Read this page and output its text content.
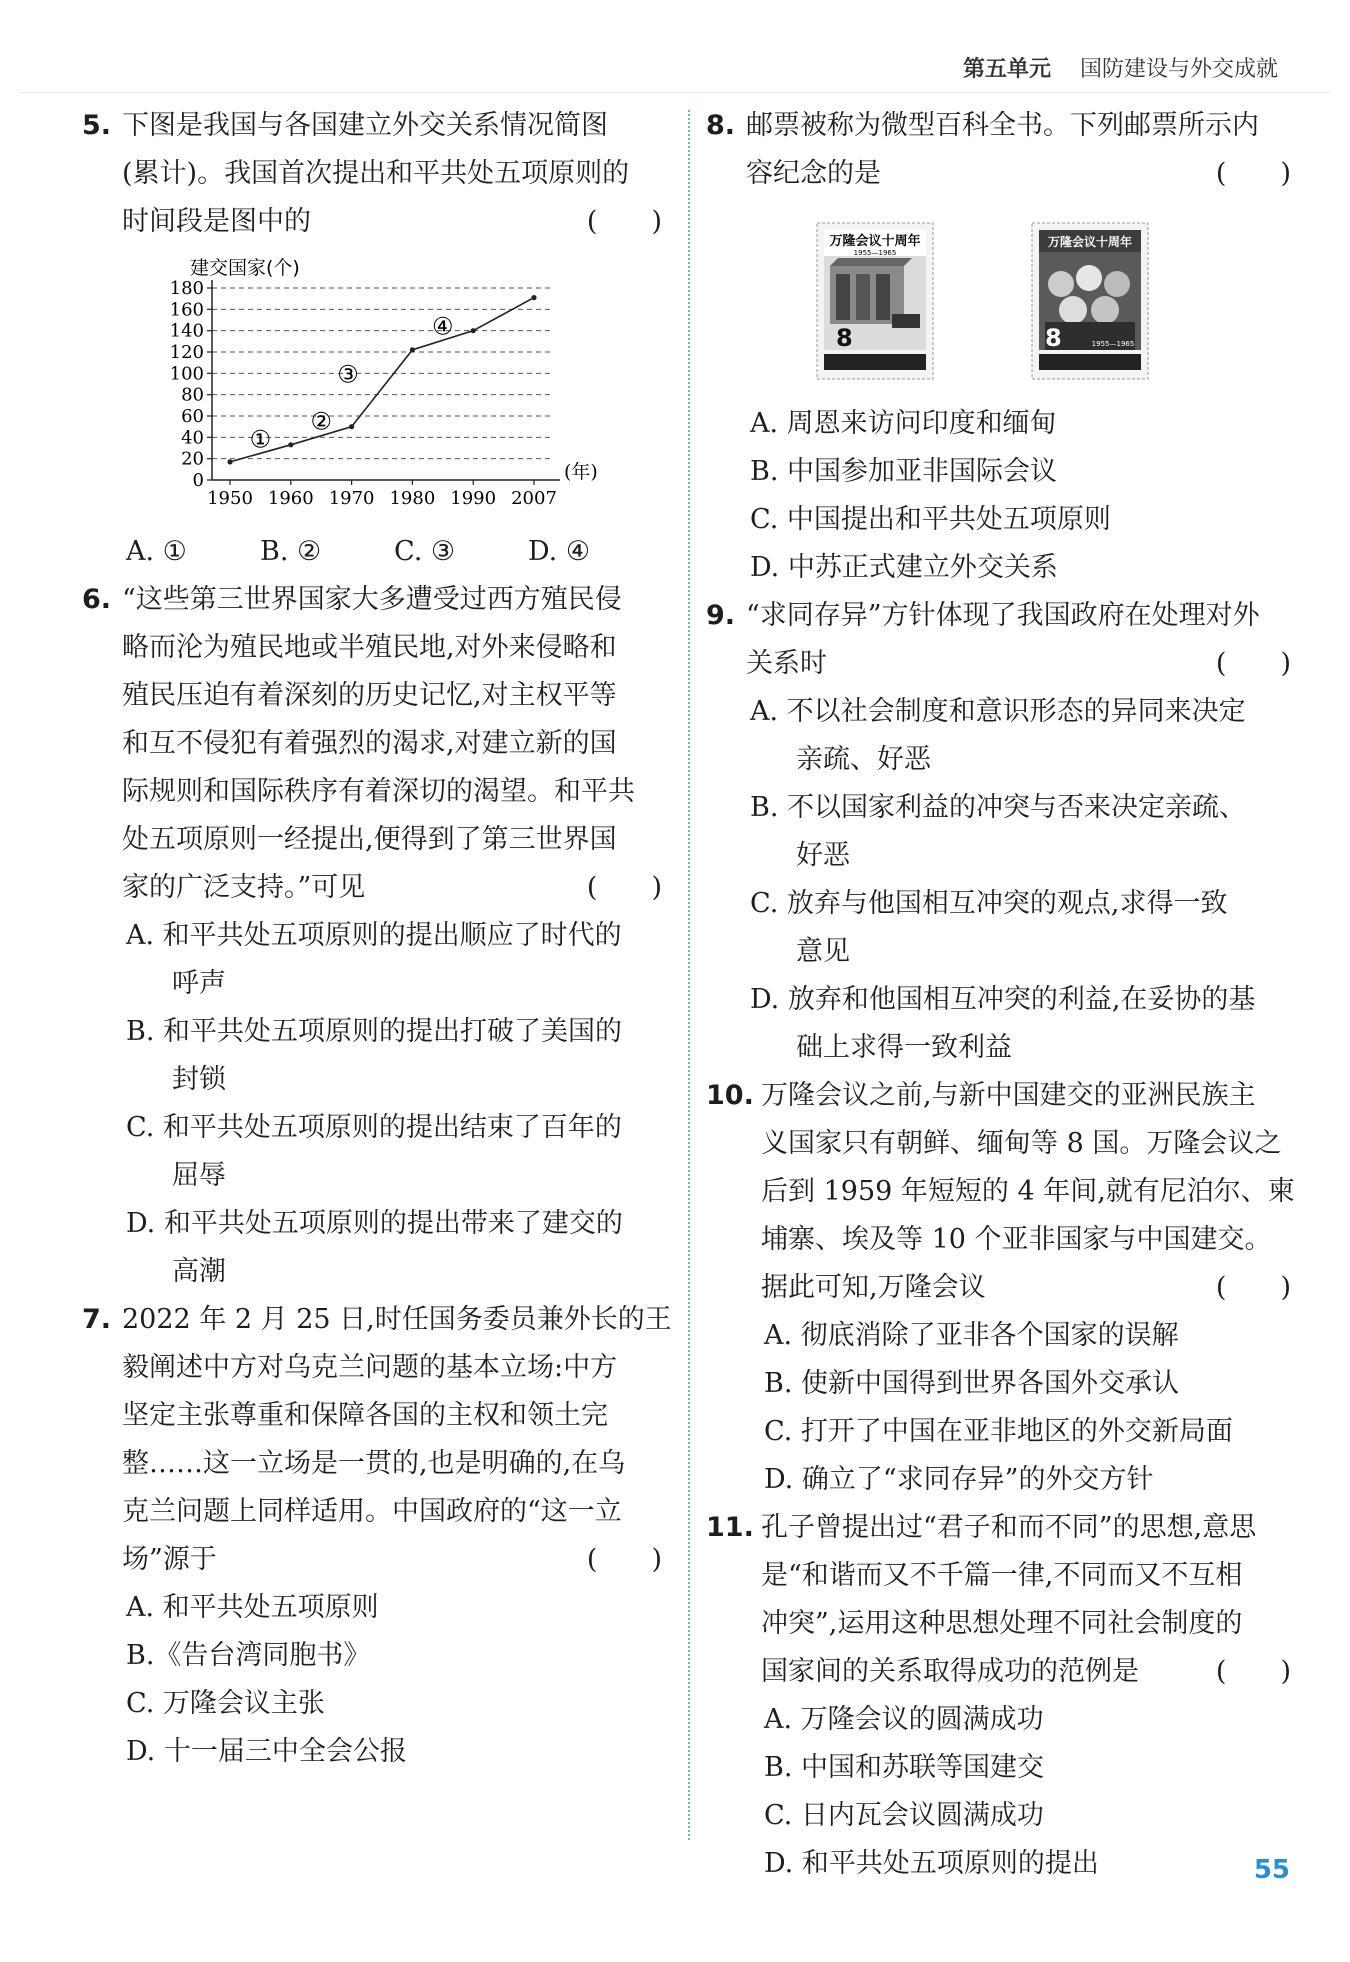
第五单元 国防建设与外交成就
5. 下图是我国与各国建立外交关系情况简图
(累计)。我国首次提出和平共处五项原则的
时间段是图中的	(　　)
建交国家(个)
0
20
40
60
80
100
120
140
160
180
1950 1960 1970 1980 1990 2007
①
②
③
④
(年)
A. ①	B. ②	C. ③	D. ④
6. “这些第三世界国家大多遭受过西方殖民侵
略而沦为殖民地或半殖民地,对外来侵略和
殖民压迫有着深刻的历史记忆,对主权平等
和互不侵犯有着强烈的渴求,对建立新的国
际规则和国际秩序有着深切的渴望。和平共
处五项原则一经提出,便得到了第三世界国
家的广泛支持。”可见	(　　)
A. 和平共处五项原则的提出顺应了时代的
呼声
B. 和平共处五项原则的提出打破了美国的
封锁
C. 和平共处五项原则的提出结束了百年的
屈辱
D. 和平共处五项原则的提出带来了建交的
高潮
7. 2022 年 2 月 25 日,时任国务委员兼外长的王
毅阐述中方对乌克兰问题的基本立场:中方
坚定主张尊重和保障各国的主权和领土完
整……这一立场是一贯的,也是明确的,在乌
克兰问题上同样适用。中国政府的“这一立
场”源于	(　　)
A. 和平共处五项原则
B.《告台湾同胞书》
C. 万隆会议主张
D. 十一届三中全会公报
8. 邮票被称为微型百科全书。下列邮票所示内
容纪念的是	(　　)
万隆会议十周年
1955—1965
8
万隆会议十周年
8	1955—1965
A. 周恩来访问印度和缅甸
B. 中国参加亚非国际会议
C. 中国提出和平共处五项原则
D. 中苏正式建立外交关系
9. “求同存异”方针体现了我国政府在处理对外
关系时	(　　)
A. 不以社会制度和意识形态的异同来决定
亲疏、好恶
B. 不以国家利益的冲突与否来决定亲疏、
好恶
C. 放弃与他国相互冲突的观点,求得一致
意见
D. 放弃和他国相互冲突的利益,在妥协的基
础上求得一致利益
10. 万隆会议之前,与新中国建交的亚洲民族主
义国家只有朝鲜、缅甸等 8 国。万隆会议之
后到 1959 年短短的 4 年间,就有尼泊尔、柬
埔寨、埃及等 10 个亚非国家与中国建交。
据此可知,万隆会议	(　　)
A. 彻底消除了亚非各个国家的误解
B. 使新中国得到世界各国外交承认
C. 打开了中国在亚非地区的外交新局面
D. 确立了“求同存异”的外交方针
11. 孔子曾提出过“君子和而不同”的思想,意思
是“和谐而又不千篇一律,不同而又不互相
冲突”,运用这种思想处理不同社会制度的
国家间的关系取得成功的范例是	(　　)
A. 万隆会议的圆满成功
B. 中国和苏联等国建交
C. 日内瓦会议圆满成功
D. 和平共处五项原则的提出	55
